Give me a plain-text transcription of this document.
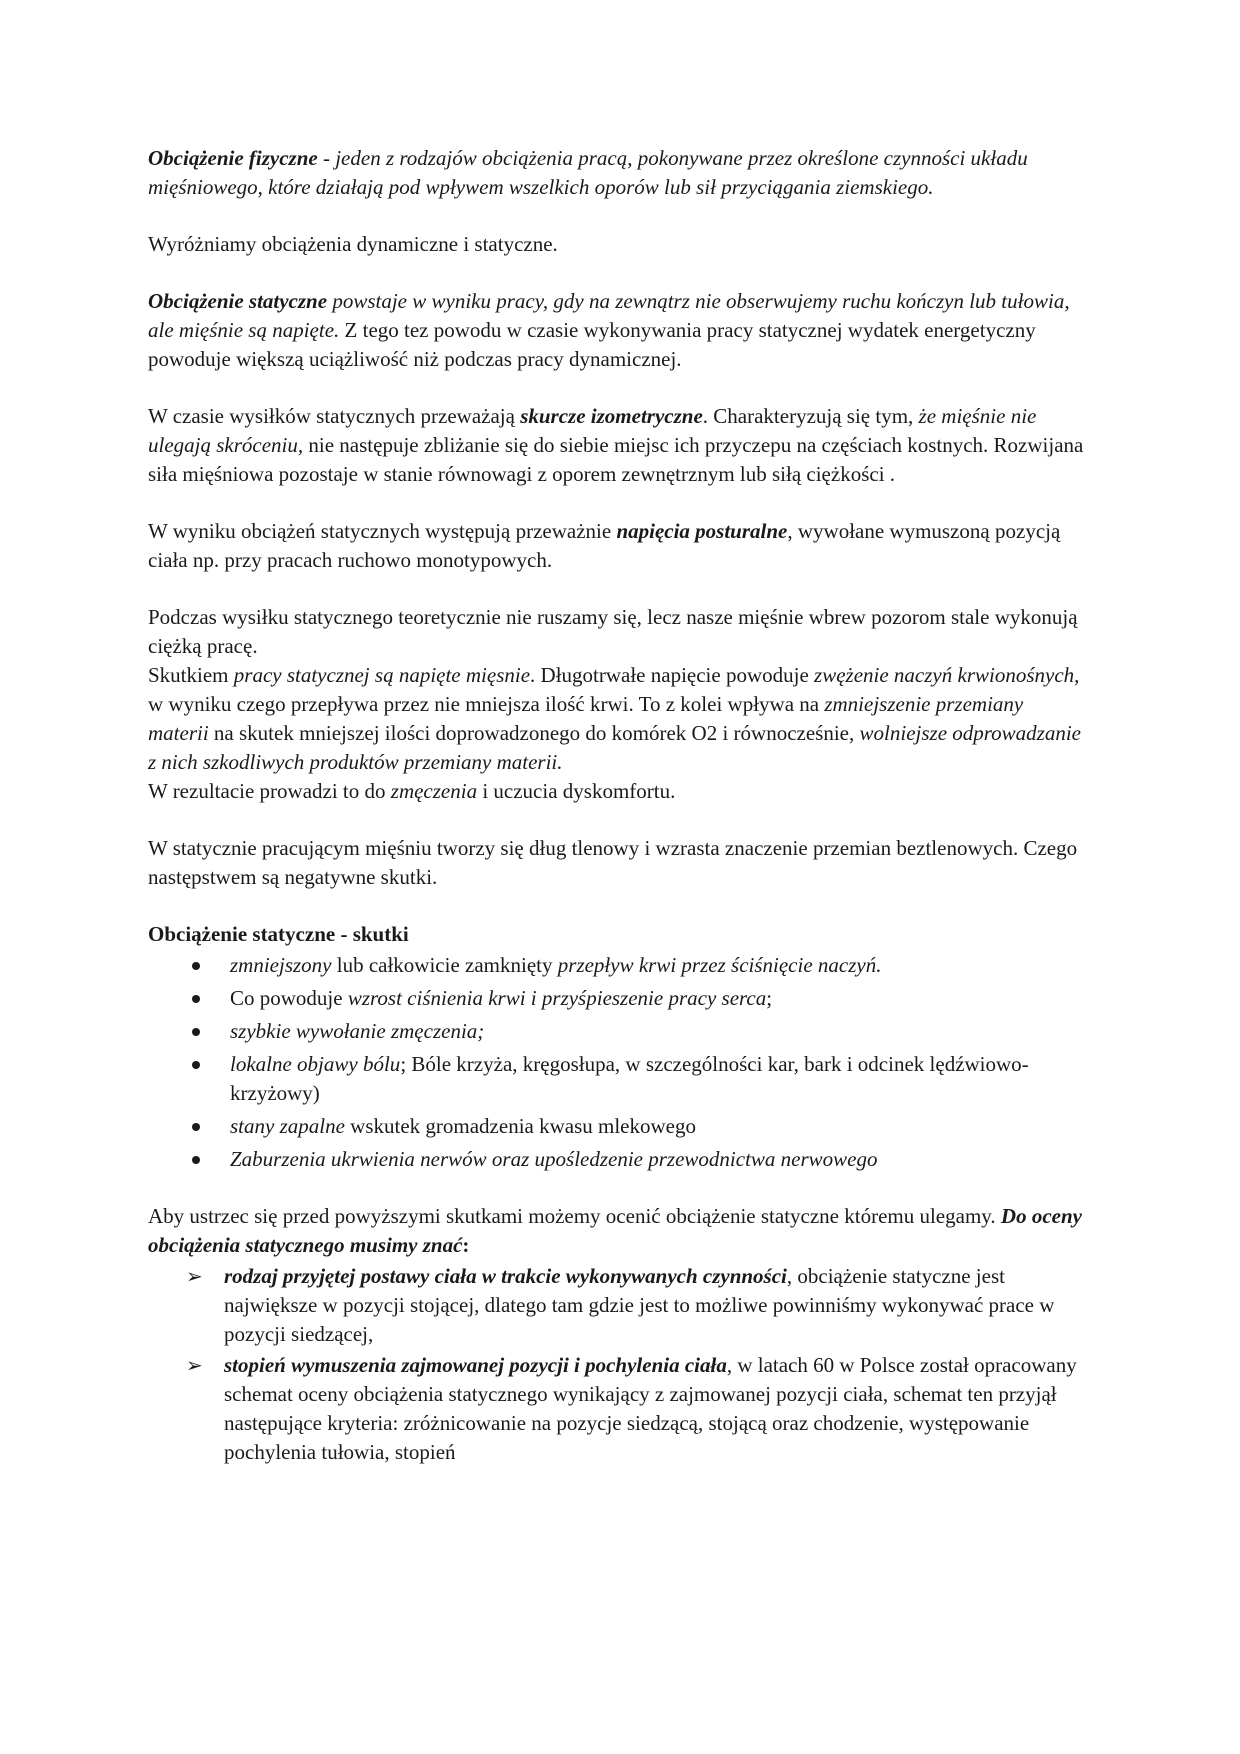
Obciążenie fizyczne - jeden z rodzajów obciążenia pracą, pokonywane przez określone czynności układu mięśniowego, które działają pod wpływem wszelkich oporów lub sił przyciągania ziemskiego.

Wyróżniamy obciążenia dynamiczne i statyczne.

Obciążenie statyczne powstaje w wyniku pracy, gdy na zewnątrz nie obserwujemy ruchu kończyn lub tułowia, ale mięśnie są napięte. Z tego tez powodu w czasie wykonywania pracy statycznej wydatek energetyczny powoduje większą uciążliwość niż podczas pracy dynamicznej.

W czasie wysiłków statycznych przeważają skurcze izometryczne. Charakteryzują się tym, że mięśnie nie ulegają skróceniu, nie następuje zbliżanie się do siebie miejsc ich przyczepu na częściach kostnych. Rozwijana siła mięśniowa pozostaje w stanie równowagi z oporem zewnętrznym lub siłą ciężkości .

W wyniku obciążeń statycznych występują przeważnie napięcia posturalne, wywołane wymuszoną pozycją ciała np. przy pracach ruchowo monotypowych.

Podczas wysiłku statycznego teoretycznie nie ruszamy się, lecz nasze mięśnie wbrew pozorom stale wykonują ciężką pracę.

Skutkiem pracy statycznej są napięte mięsnie. Długotrwałe napięcie powoduje zwężenie naczyń krwionośnych, w wyniku czego przepływa przez nie mniejsza ilość krwi. To z kolei wpływa na zmniejszenie przemiany materii na skutek mniejszej ilości doprowadzonego do komórek O2 i równocześnie, wolniejsze odprowadzanie z nich szkodliwych produktów przemiany materii.

W rezultacie prowadzi to do zmęczenia i uczucia dyskomfortu.

W statycznie pracującym mięśniu tworzy się dług tlenowy i wzrasta znaczenie przemian beztlenowych. Czego następstwem są negatywne skutki.

Obciążenie statyczne - skutki
zmniejszony lub całkowicie zamknięty przepływ krwi przez ściśnięcie naczyń.
Co powoduje wzrost ciśnienia krwi i przyśpieszenie pracy serca;
szybkie wywołanie zmęczenia;
lokalne objawy bólu; Bóle krzyża, kręgosłupa, w szczególności kar, bark i odcinek lędźwiowo-krzyżowy)
stany zapalne wskutek gromadzenia kwasu mlekowego
Zaburzenia ukrwienia nerwów oraz upośledzenie przewodnictwa nerwowego

Aby ustrzec się przed powyższymi skutkami możemy ocenić obciążenie statyczne któremu ulegamy. Do oceny obciążenia statycznego musimy znać:

➢ rodzaj przyjętej postawy ciała w trakcie wykonywanych czynności, obciążenie statyczne jest największe w pozycji stojącej, dlatego tam gdzie jest to możliwe powinniśmy wykonywać prace w pozycji siedzącej,
➢ stopień wymuszenia zajmowanej pozycji i pochylenia ciała, w latach 60 w Polsce został opracowany schemat oceny obciążenia statycznego wynikający z zajmowanej pozycji ciała, schemat ten przyjął następujące kryteria: zróżnicowanie na pozycje siedzącą, stojącą oraz chodzenie, występowanie pochylenia tułowia, stopień
